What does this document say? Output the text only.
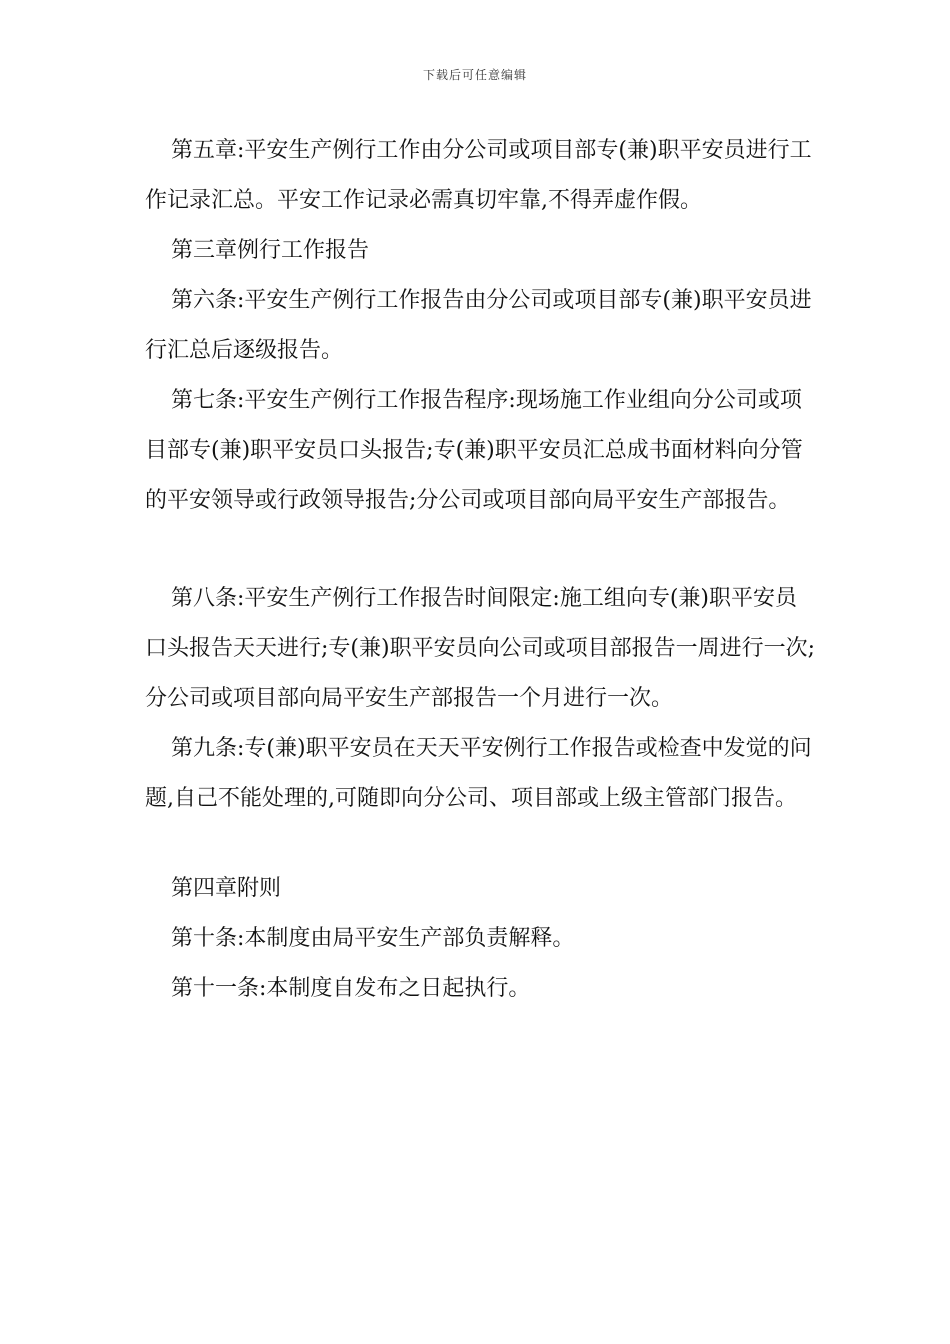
下载后可任意编辑

第五章:平安生产例行工作由分公司或项目部专(兼)职平安员进行工作记录汇总。平安工作记录必需真切牢靠,不得弄虚作假。

第三章例行工作报告

第六条:平安生产例行工作报告由分公司或项目部专(兼)职平安员进行汇总后逐级报告。

第七条:平安生产例行工作报告程序:现场施工作业组向分公司或项目部专(兼)职平安员口头报告;专(兼)职平安员汇总成书面材料向分管的平安领导或行政领导报告;分公司或项目部向局平安生产部报告。

第八条:平安生产例行工作报告时间限定:施工组向专(兼)职平安员口头报告天天进行;专(兼)职平安员向公司或项目部报告一周进行一次;分公司或项目部向局平安生产部报告一个月进行一次。

第九条:专(兼)职平安员在天天平安例行工作报告或检查中发觉的问题,自己不能处理的,可随即向分公司、项目部或上级主管部门报告。

第四章附则

第十条:本制度由局平安生产部负责解释。

第十一条:本制度自发布之日起执行。
